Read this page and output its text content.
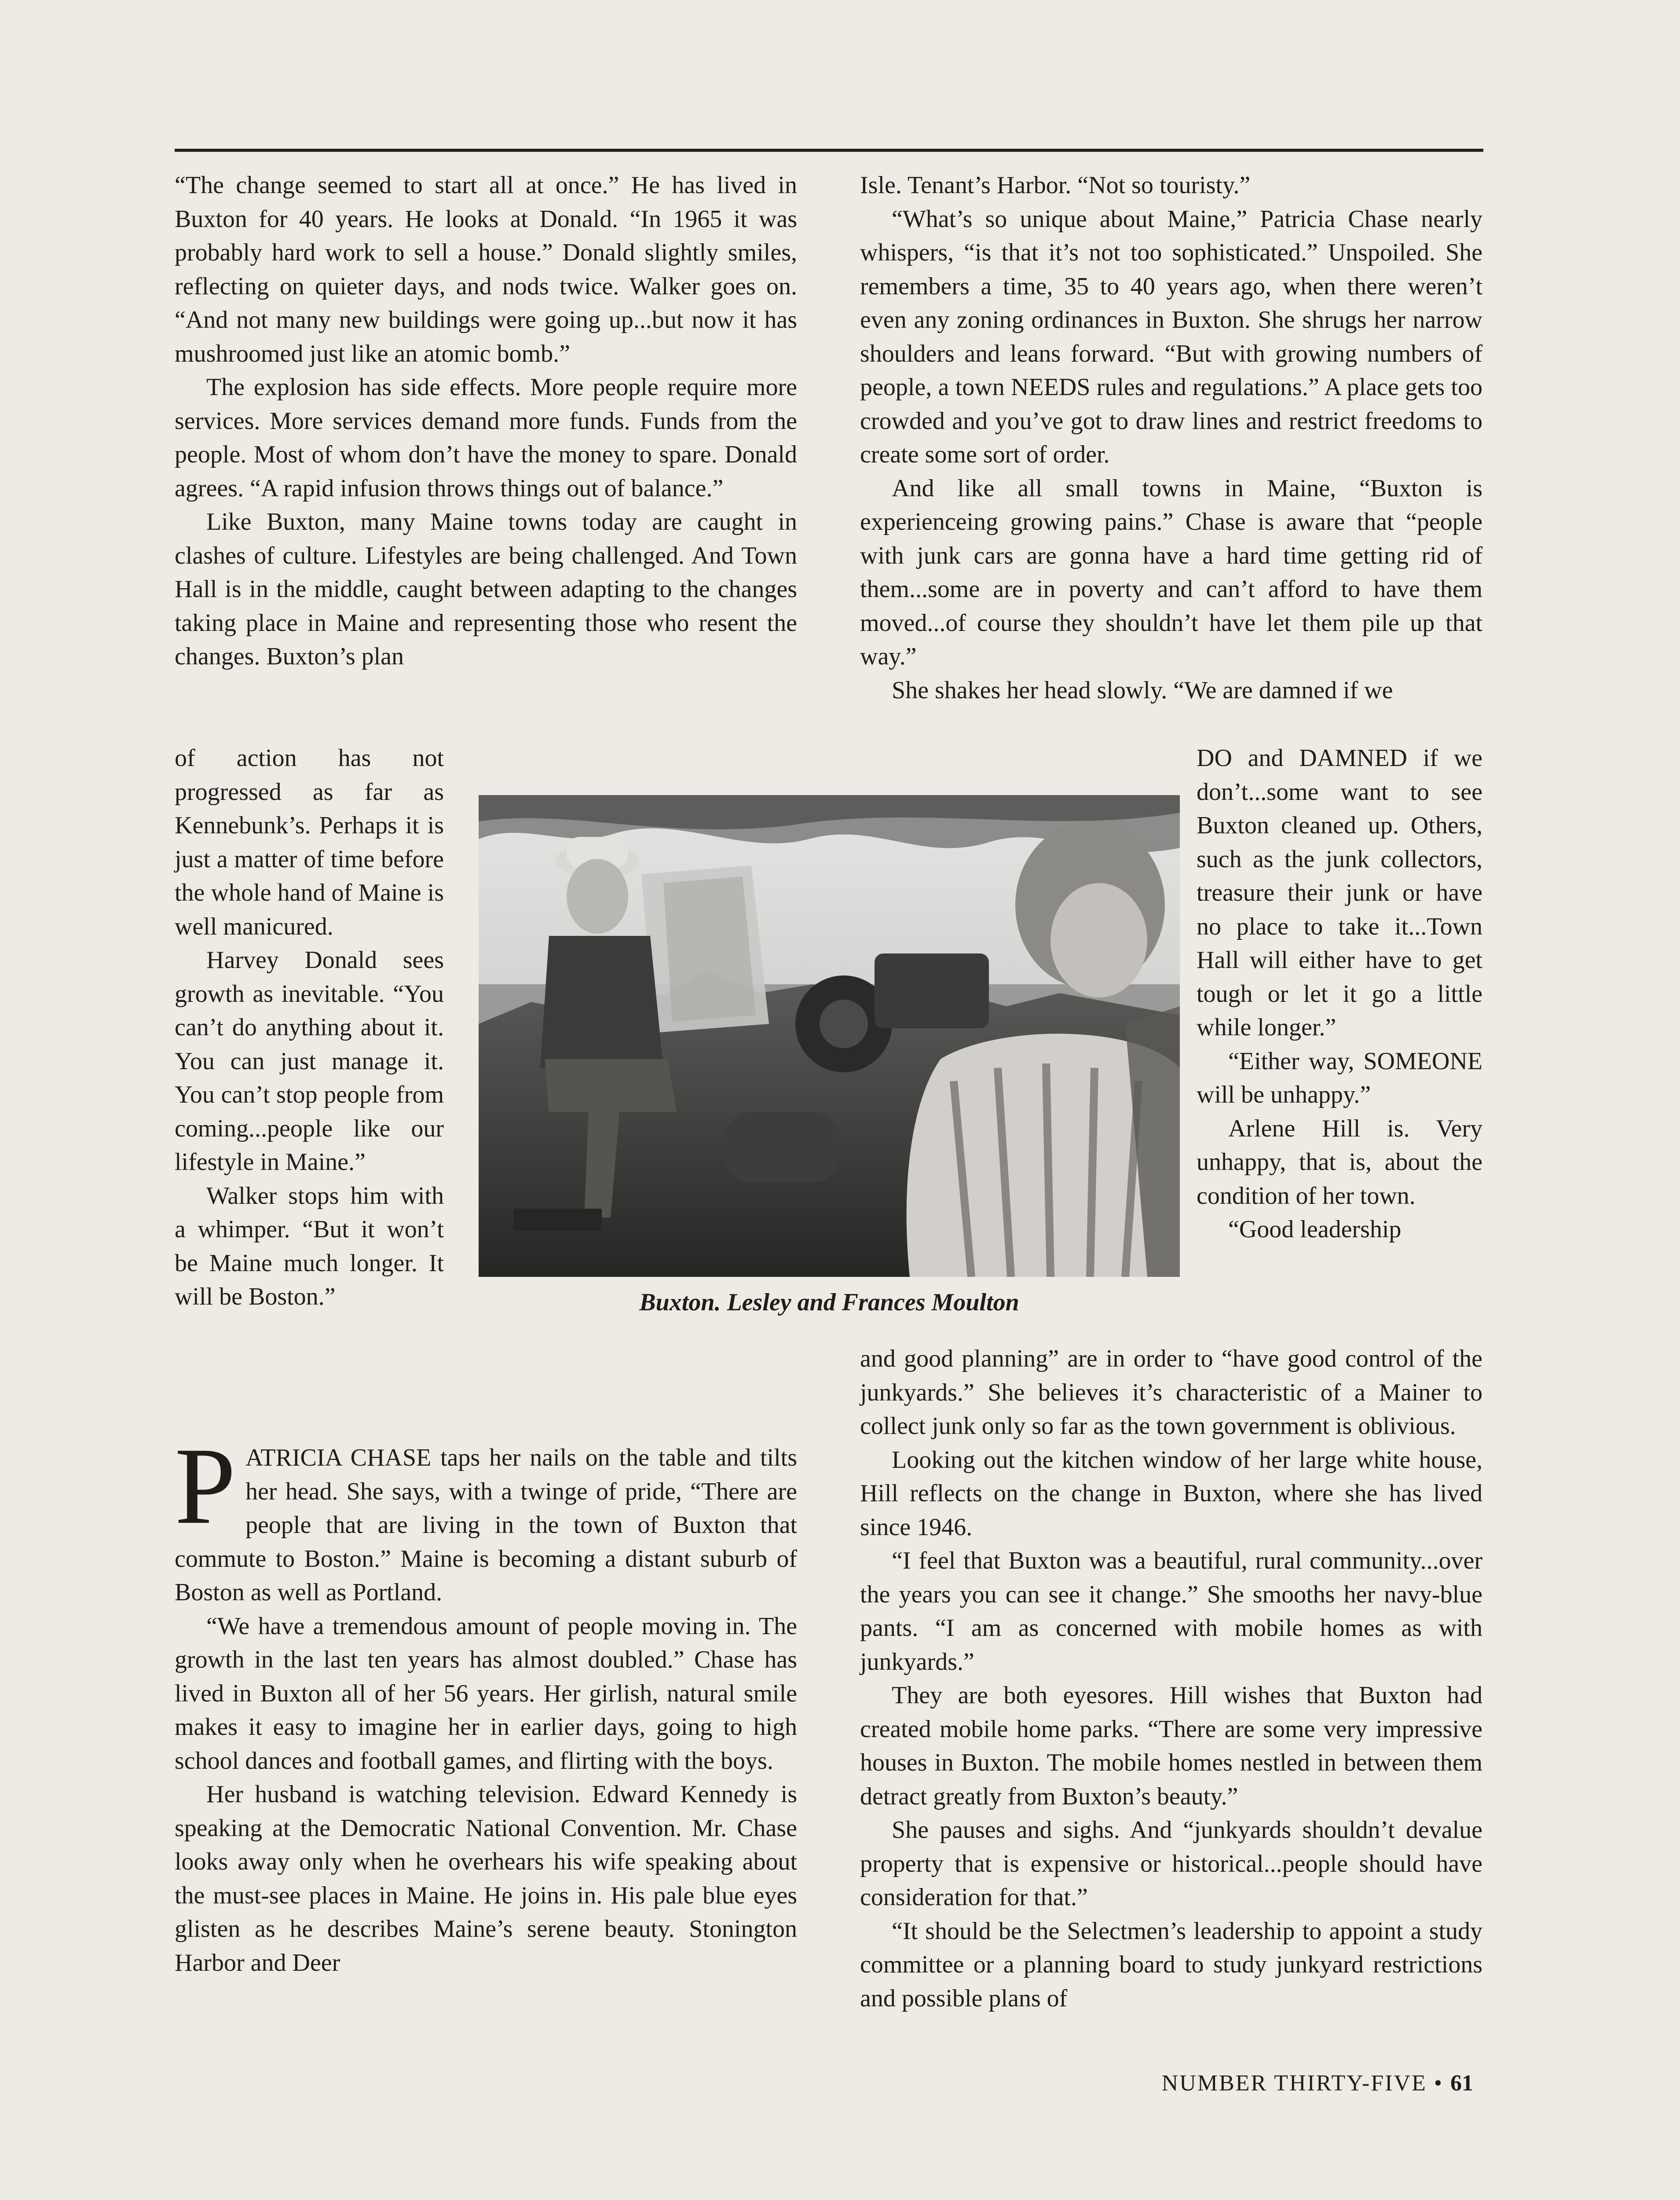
“The change seemed to start all at once.” He has lived in Buxton for 40 years. He looks at Donald. “In 1965 it was probably hard work to sell a house.” Donald slightly smiles, reflecting on quieter days, and nods twice. Walker goes on. “And not many new buildings were going up...but now it has mushroomed just like an atomic bomb.”

The explosion has side effects. More people require more services. More services demand more funds. Funds from the people. Most of whom don’t have the money to spare. Donald agrees. “A rapid infusion throws things out of balance.”

Like Buxton, many Maine towns today are caught in clashes of culture. Lifestyles are being challenged. And Town Hall is in the middle, caught between adapting to the changes taking place in Maine and representing those who resent the changes. Buxton’s plan

of action has not progressed as far as Kennebunk’s. Perhaps it is just a matter of time before the whole hand of Maine is well manicured.

Harvey Donald sees growth as inevitable. “You can’t do anything about it. You can just manage it. You can’t stop people from coming...people like our lifestyle in Maine.”

Walker stops him with a whimper. “But it won’t be Maine much longer. It will be Boston.”	Buxton. Lesley and Frances Moulton

PATRICIA CHASE taps her nails on the table and tilts her head. She says, with a twinge of pride, “There are people that are living in the town of Buxton that commute to Boston.” Maine is becoming a distant suburb of Boston as well as Portland.

“We have a tremendous amount of people moving in. The growth in the last ten years has almost doubled.” Chase has lived in Buxton all of her 56 years. Her girlish, natural smile makes it easy to imagine her in earlier days, going to high school dances and football games, and flirting with the boys.

Her husband is watching television. Edward Kennedy is speaking at the Democratic National Convention. Mr. Chase looks away only when he overhears his wife speaking about the must-see places in Maine. He joins in. His pale blue eyes glisten as he describes Maine’s serene beauty. Stonington Harbor and Deer

Isle. Tenant’s Harbor. “Not so touristy.”

“What’s so unique about Maine,” Patricia Chase nearly whispers, “is that it’s not too sophisticated.” Unspoiled. She remembers a time, 35 to 40 years ago, when there weren’t even any zoning ordinances in Buxton. She shrugs her narrow shoulders and leans forward. “But with growing numbers of people, a town NEEDS rules and regulations.” A place gets too crowded and you’ve got to draw lines and restrict freedoms to create some sort of order.

And like all small towns in Maine, “Buxton is experienceing growing pains.” Chase is aware that “people with junk cars are gonna have a hard time getting rid of them...some are in poverty and can’t afford to have them moved...of course they shouldn’t have let them pile up that way.”

She shakes her head slowly. “We are damned if we

DO and DAMNED if we don’t...some want to see Buxton cleaned up. Others, such as the junk collectors, treasure their junk or have no place to take it...Town Hall will either have to get tough or let it go a little while longer.”

“Either way, SOMEONE will be unhappy.”

Arlene Hill is. Very unhappy, that is, about the condition of her town.

“Good leadership

and good planning” are in order to “have good control of the junkyards.” She believes it’s characteristic of a Mainer to collect junk only so far as the town government is oblivious.

Looking out the kitchen window of her large white house, Hill reflects on the change in Buxton, where she has lived since 1946.

“I feel that Buxton was a beautiful, rural community...over the years you can see it change.” She smooths her navy-blue pants. “I am as concerned with mobile homes as with junkyards.”

They are both eyesores. Hill wishes that Buxton had created mobile home parks. “There are some very impressive houses in Buxton. The mobile homes nestled in between them detract greatly from Buxton’s beauty.”

She pauses and sighs. And “junkyards shouldn’t devalue property that is expensive or historical...people should have consideration for that.”

“It should be the Selectmen’s leadership to appoint a study committee or a planning board to study junkyard restrictions and possible plans of

NUMBER THIRTY-FIVE • 61
